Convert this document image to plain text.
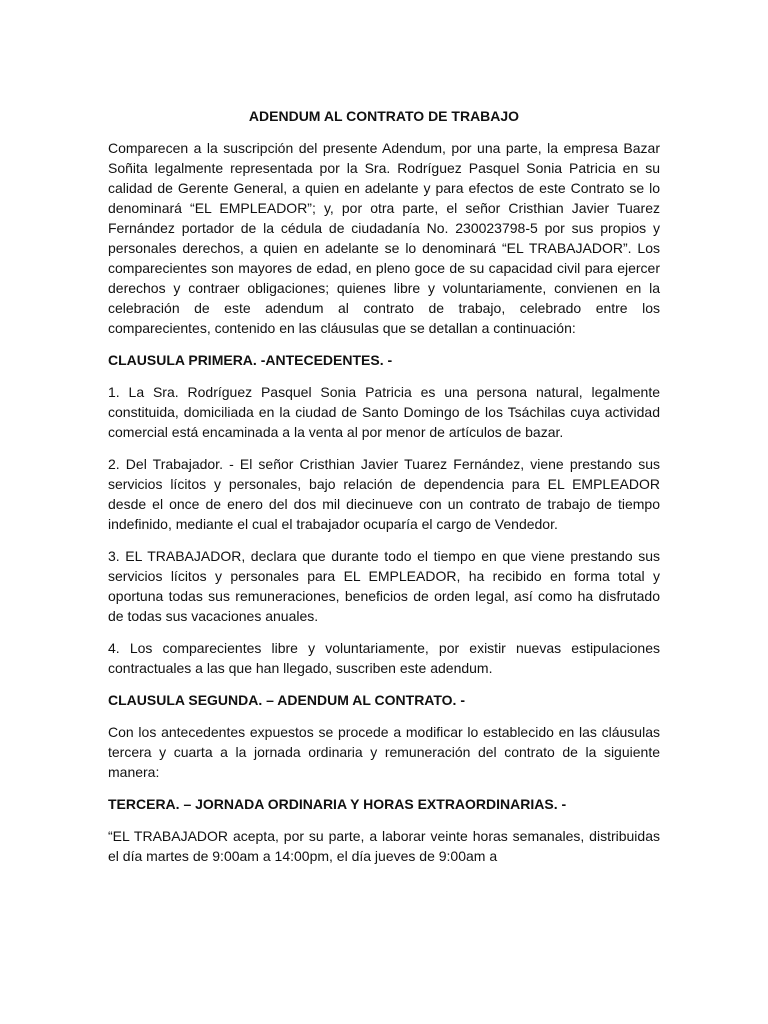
ADENDUM AL CONTRATO DE TRABAJO
Comparecen a la suscripción del presente Adendum, por una parte, la empresa Bazar Soñita legalmente representada por la Sra. Rodríguez Pasquel Sonia Patricia en su calidad de Gerente General, a quien en adelante y para efectos de este Contrato se lo denominará “EL EMPLEADOR”; y, por otra parte, el señor Cristhian Javier Tuarez Fernández portador de la cédula de ciudadanía No. 230023798-5 por sus propios y personales derechos, a quien en adelante se lo denominará “EL TRABAJADOR”. Los comparecientes son mayores de edad, en pleno goce de su capacidad civil para ejercer derechos y contraer obligaciones; quienes libre y voluntariamente, convienen en la celebración de este adendum al contrato de trabajo, celebrado entre los comparecientes, contenido en las cláusulas que se detallan a continuación:
CLAUSULA PRIMERA. -ANTECEDENTES. -
1. La Sra. Rodríguez Pasquel Sonia Patricia es una persona natural, legalmente constituida, domiciliada en la ciudad de Santo Domingo de los Tsáchilas cuya actividad comercial está encaminada a la venta al por menor de artículos de bazar.
2. Del Trabajador. - El señor Cristhian Javier Tuarez Fernández, viene prestando sus servicios lícitos y personales, bajo relación de dependencia para EL EMPLEADOR desde el once de enero del dos mil diecinueve con un contrato de trabajo de tiempo indefinido, mediante el cual el trabajador ocuparía el cargo de Vendedor.
3. EL TRABAJADOR, declara que durante todo el tiempo en que viene prestando sus servicios lícitos y personales para EL EMPLEADOR, ha recibido en forma total y oportuna todas sus remuneraciones, beneficios de orden legal, así como ha disfrutado de todas sus vacaciones anuales.
4. Los comparecientes libre y voluntariamente, por existir nuevas estipulaciones contractuales a las que han llegado, suscriben este adendum.
CLAUSULA SEGUNDA. – ADENDUM AL CONTRATO. -
Con los antecedentes expuestos se procede a modificar lo establecido en las cláusulas tercera y cuarta a la jornada ordinaria y remuneración del contrato de la siguiente manera:
TERCERA. – JORNADA ORDINARIA Y HORAS EXTRAORDINARIAS. -
“EL TRABAJADOR acepta, por su parte, a laborar veinte horas semanales, distribuidas el día martes de 9:00am a 14:00pm, el día jueves de 9:00am a
